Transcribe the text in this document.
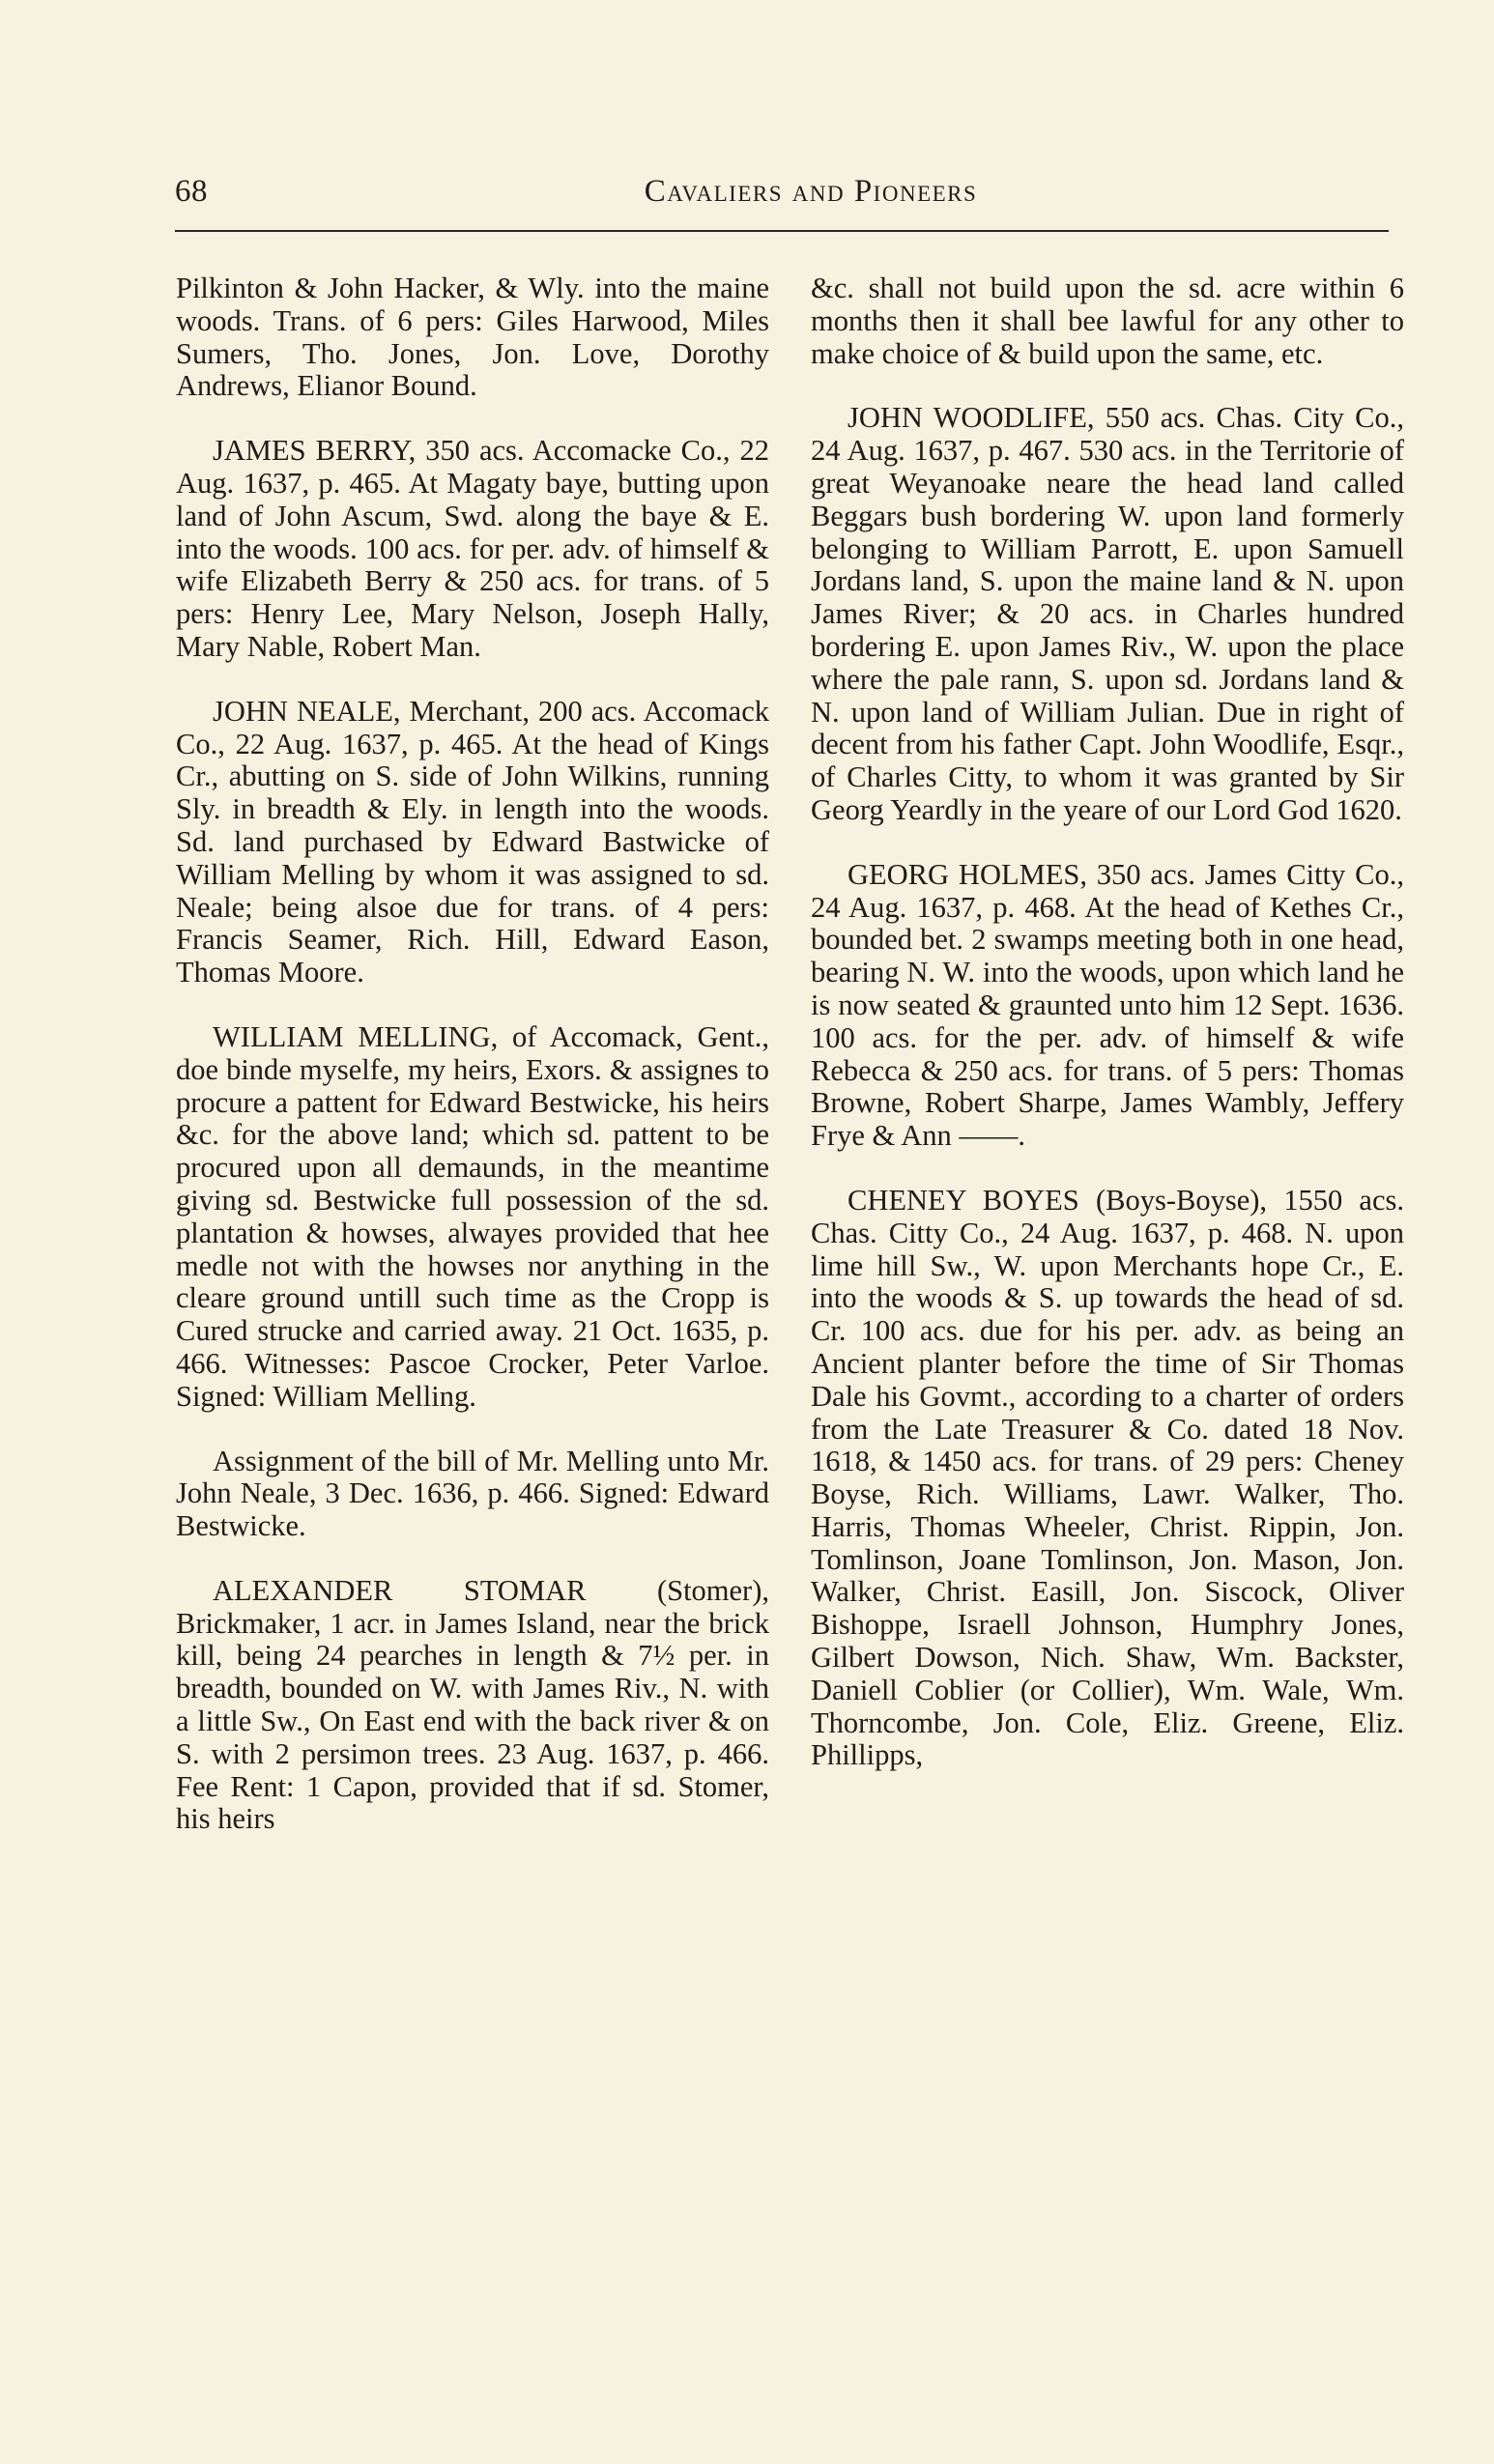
68	Cavaliers and Pioneers

Pilkinton & John Hacker, & Wly. into the maine woods. Trans. of 6 pers: Giles Harwood, Miles Sumers, Tho. Jones, Jon. Love, Dorothy Andrews, Elianor Bound.

JAMES BERRY, 350 acs. Accomacke Co., 22 Aug. 1637, p. 465. At Magaty baye, butting upon land of John Ascum, Swd. along the baye & E. into the woods. 100 acs. for per. adv. of himself & wife Elizabeth Berry & 250 acs. for trans. of 5 pers: Henry Lee, Mary Nelson, Joseph Hally, Mary Nable, Robert Man.

JOHN NEALE, Merchant, 200 acs. Accomack Co., 22 Aug. 1637, p. 465. At the head of Kings Cr., abutting on S. side of John Wilkins, running Sly. in breadth & Ely. in length into the woods. Sd. land purchased by Edward Bastwicke of William Melling by whom it was assigned to sd. Neale; being alsoe due for trans. of 4 pers: Francis Seamer, Rich. Hill, Edward Eason, Thomas Moore.

WILLIAM MELLING, of Accomack, Gent., doe binde myselfe, my heirs, Exors. & assignes to procure a pattent for Edward Bestwicke, his heirs &c. for the above land; which sd. pattent to be procured upon all demaunds, in the meantime giving sd. Bestwicke full possession of the sd. plantation & howses, alwayes provided that hee medle not with the howses nor anything in the cleare ground untill such time as the Cropp is Cured strucke and carried away. 21 Oct. 1635, p. 466. Witnesses: Pascoe Crocker, Peter Varloe. Signed: William Melling.

Assignment of the bill of Mr. Melling unto Mr. John Neale, 3 Dec. 1636, p. 466. Signed: Edward Bestwicke.

ALEXANDER STOMAR (Stomer), Brickmaker, 1 acr. in James Island, near the brick kill, being 24 pearches in length & 7½ per. in breadth, bounded on W. with James Riv., N. with a little Sw., On East end with the back river & on S. with 2 persimon trees. 23 Aug. 1637, p. 466. Fee Rent: 1 Capon, provided that if sd. Stomer, his heirs

&c. shall not build upon the sd. acre within 6 months then it shall bee lawful for any other to make choice of & build upon the same, etc.

JOHN WOODLIFE, 550 acs. Chas. City Co., 24 Aug. 1637, p. 467. 530 acs. in the Territorie of great Weyanoake neare the head land called Beggars bush bordering W. upon land formerly belonging to William Parrott, E. upon Samuell Jordans land, S. upon the maine land & N. upon James River; & 20 acs. in Charles hundred bordering E. upon James Riv., W. upon the place where the pale rann, S. upon sd. Jordans land & N. upon land of William Julian. Due in right of decent from his father Capt. John Woodlife, Esqr., of Charles Citty, to whom it was granted by Sir Georg Yeardly in the yeare of our Lord God 1620.

GEORG HOLMES, 350 acs. James Citty Co., 24 Aug. 1637, p. 468. At the head of Kethes Cr., bounded bet. 2 swamps meeting both in one head, bearing N. W. into the woods, upon which land he is now seated & graunted unto him 12 Sept. 1636. 100 acs. for the per. adv. of himself & wife Rebecca & 250 acs. for trans. of 5 pers: Thomas Browne, Robert Sharpe, James Wambly, Jeffery Frye & Ann ——.

CHENEY BOYES (Boys-Boyse), 1550 acs. Chas. Citty Co., 24 Aug. 1637, p. 468. N. upon lime hill Sw., W. upon Merchants hope Cr., E. into the woods & S. up towards the head of sd. Cr. 100 acs. due for his per. adv. as being an Ancient planter before the time of Sir Thomas Dale his Govmt., according to a charter of orders from the Late Treasurer & Co. dated 18 Nov. 1618, & 1450 acs. for trans. of 29 pers: Cheney Boyse, Rich. Williams, Lawr. Walker, Tho. Harris, Thomas Wheeler, Christ. Rippin, Jon. Tomlinson, Joane Tomlinson, Jon. Mason, Jon. Walker, Christ. Easill, Jon. Siscock, Oliver Bishoppe, Israell Johnson, Humphry Jones, Gilbert Dowson, Nich. Shaw, Wm. Backster, Daniell Coblier (or Collier), Wm. Wale, Wm. Thorncombe, Jon. Cole, Eliz. Greene, Eliz. Phillipps,
